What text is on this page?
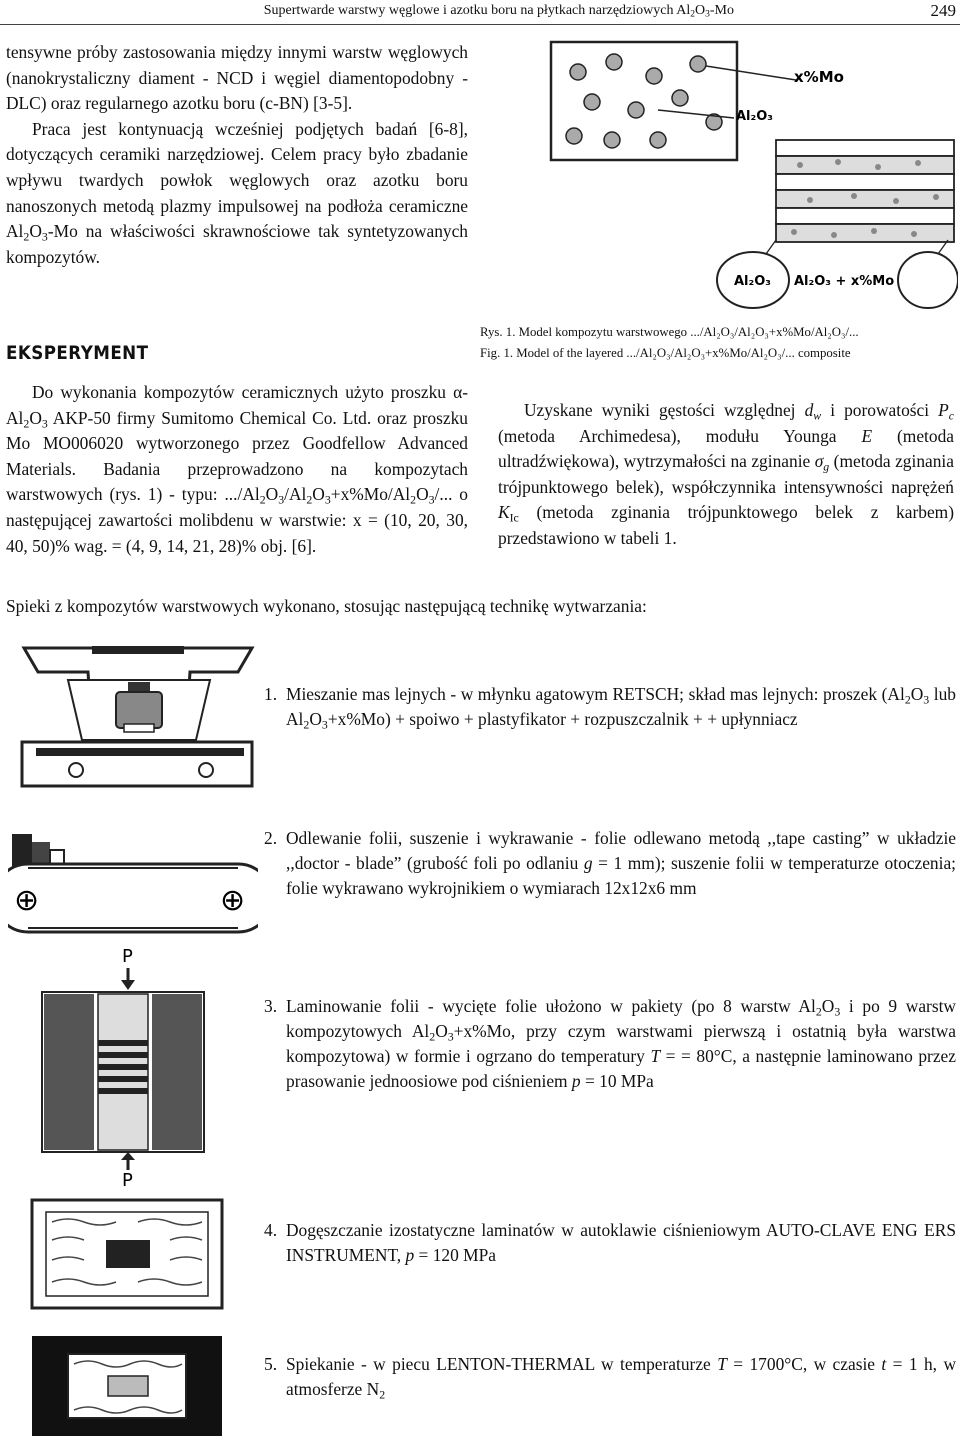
Supertwarde warstwy węglowe i azotku boru na płytkach narzędziowych $Al_2O_3-Mo$	249

tensywne próby zastosowania między innymi warstw węglowych (nanokrystaliczny diament - NCD i węgiel diamentopodobny - DLC) oraz regularnego azotku boru (c-BN) [3-5].

Praca jest kontynuacją wcześniej podjętych badań [6-8], dotyczących ceramiki narzędziowej. Celem pracy było zbadanie wpływu twardych powłok węglowych oraz azotku boru nanoszonych metodą plazmy impulsowej na podłoża ceramiczne $Al_2O_3-Mo$ na właściwości skrawnościowe tak syntetyzowanych kompozytów.

EKSPERYMENT

Do wykonania kompozytów ceramicznych użyto proszku $\alpha-Al_2O_3$ AKP-50 firmy Sumitomo Chemical Co. Ltd. oraz proszku Mo MO006020 wytworzonego przez Goodfellow Advanced Materials. Badania przeprowadzono na kompozytach warstwowych (rys. 1) - typu: $.../Al_2O_3/Al_2O_3+x\%Mo/Al_2O_3/$... o następującej zawartości molibdenu w warstwie: x = (10, 20, 30, 40, 50)% wag. = (4, 9, 14, 21, 28)% obj. [6].

x%Mo
Al₂O₃
Al₂O₃ Al₂O₃ + x%Mo
Rys. 1. Model kompozytu warstwowego .../Al₂O₃/Al₂O₃+x%Mo/Al₂O₃/...
Fig. 1. Model of the layered .../Al₂O₃/Al₂O₃+x%Mo/Al₂O₃/... composite

Uzyskane wyniki gęstości względnej $d_w$ i porowatości $P_c$ (metoda Archimedesa), modułu Younga E (metoda ultradźwiękowa), wytrzymałości na zginanie $\sigma_g$ (metoda zginania trójpunktowego belek), współczynnika intensywności naprężeń $K_{Ic}$ (metoda zginania trójpunktowego belek z karbem) przedstawiono w tabeli 1.

Spieki z kompozytów warstwowych wykonano, stosując następującą technikę wytwarzania:

1. Mieszanie mas lejnych - w młynku agatowym RETSCH; skład mas lejnych: proszek ($Al_2O_3$ lub $Al_2O_3+x\%Mo$) + spoiwo + plastyfikator + rozpuszczalnik + + upłynniacz

⊕	⊕

2. Odlewanie folii, suszenie i wykrawanie - folie odlewano metodą ,,tape casting” w układzie ,,doctor - blade” (grubość foli po odlaniu g = 1 mm); suszenie folii w temperaturze otoczenia; folie wykrawano wykrojnikiem o wymiarach 12x12x6 mm

P
P

3. Laminowanie folii - wycięte folie ułożono w pakiety (po 8 warstw $Al_2O_3$ i po 9 warstw kompozytowych $Al_2O_3+x\%Mo$, przy czym warstwami pierwszą i ostatnią była warstwa kompozytowa) w formie i ogrzano do temperatury T = = 80°C, a następnie laminowano przez prasowanie jednoosiowe pod ciśnieniem p = 10 MPa

4. Dogęszczanie izostatyczne laminatów w autoklawie ciśnieniowym AUTO-CLAVE ENG ERS INSTRUMENT, p = 120 MPa

5. Spiekanie - w piecu LENTON-THERMAL w temperaturze T = 1700°C, w czasie t = 1 h, w atmosferze $N_2$
